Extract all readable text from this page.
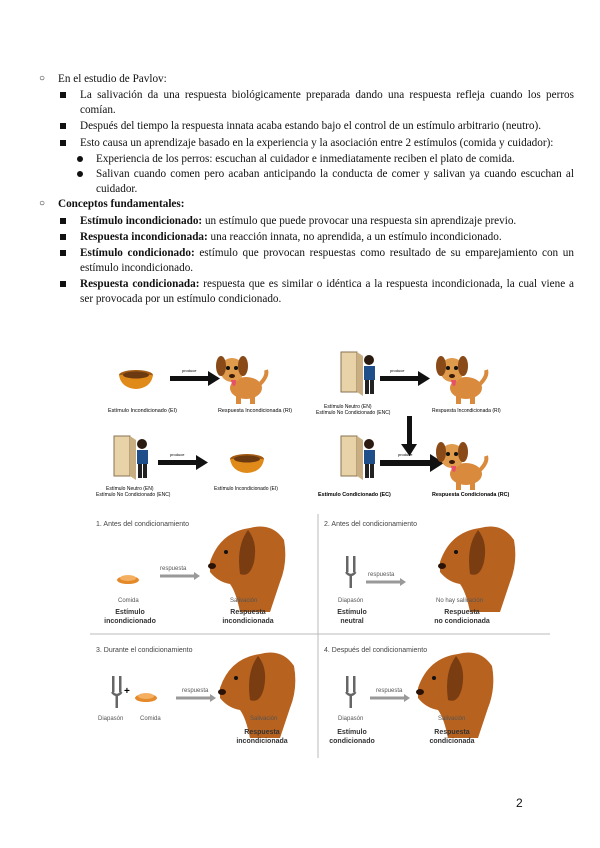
○ En el estudio de Pavlov:
La salivación da una respuesta biológicamente preparada dando una respuesta refleja cuando los perros comían.
Después del tiempo la respuesta innata acaba estando bajo el control de un estímulo arbitrario (neutro).
Esto causa un aprendizaje basado en la experiencia y la asociación entre 2 estímulos (comida y cuidador):
Experiencia de los perros: escuchan al cuidador e inmediatamente reciben el plato de comida.
Salivan cuando comen pero acaban anticipando la conducta de comer y salivan ya cuando escuchan al cuidador.
○ Conceptos fundamentales:
Estímulo incondicionado: un estímulo que puede provocar una respuesta sin aprendizaje previo.
Respuesta incondicionada: una reacción innata, no aprendida, a un estímulo incondicionado.
Estímulo condicionado: estímulo que provocan respuestas como resultado de su emparejamiento con un estímulo incondicionado.
Respuesta condicionada: respuesta que es similar o idéntica a la respuesta incondicionada, la cual viene a ser provocada por un estímulo condicionado.
produce
Estímulo Incondicionado (EI)	Respuesta Incondicionada (RI)
produce
Estímulo Neutro (EN)
Estímulo No Condicionado (ENC)	Respuesta Incondicionada (RI)
produce
Estímulo Neutro (EN)
Estímulo No Condicionado (ENC)
Estímulo Incondicionado (EI)
produce
Estímulo Condicionado (EC)	Respuesta Condicionada (RC)
1. Antes del condicionamiento
respuesta
Comida	Salivación
Estímulo
incondicionado
Respuesta
incondicionada
2. Antes del condicionamiento
respuesta
Diapasón	No hay salivación
Estímulo
neutral
Respuesta
no condicionada
3. Durante el condicionamiento
+	respuesta
Diapasón	Comida	Salivación
Respuesta
incondicionada
4. Después del condicionamiento
respuesta
Diapasón	Salivación
Estímulo
condicionado
Respuesta
condicionada
2
